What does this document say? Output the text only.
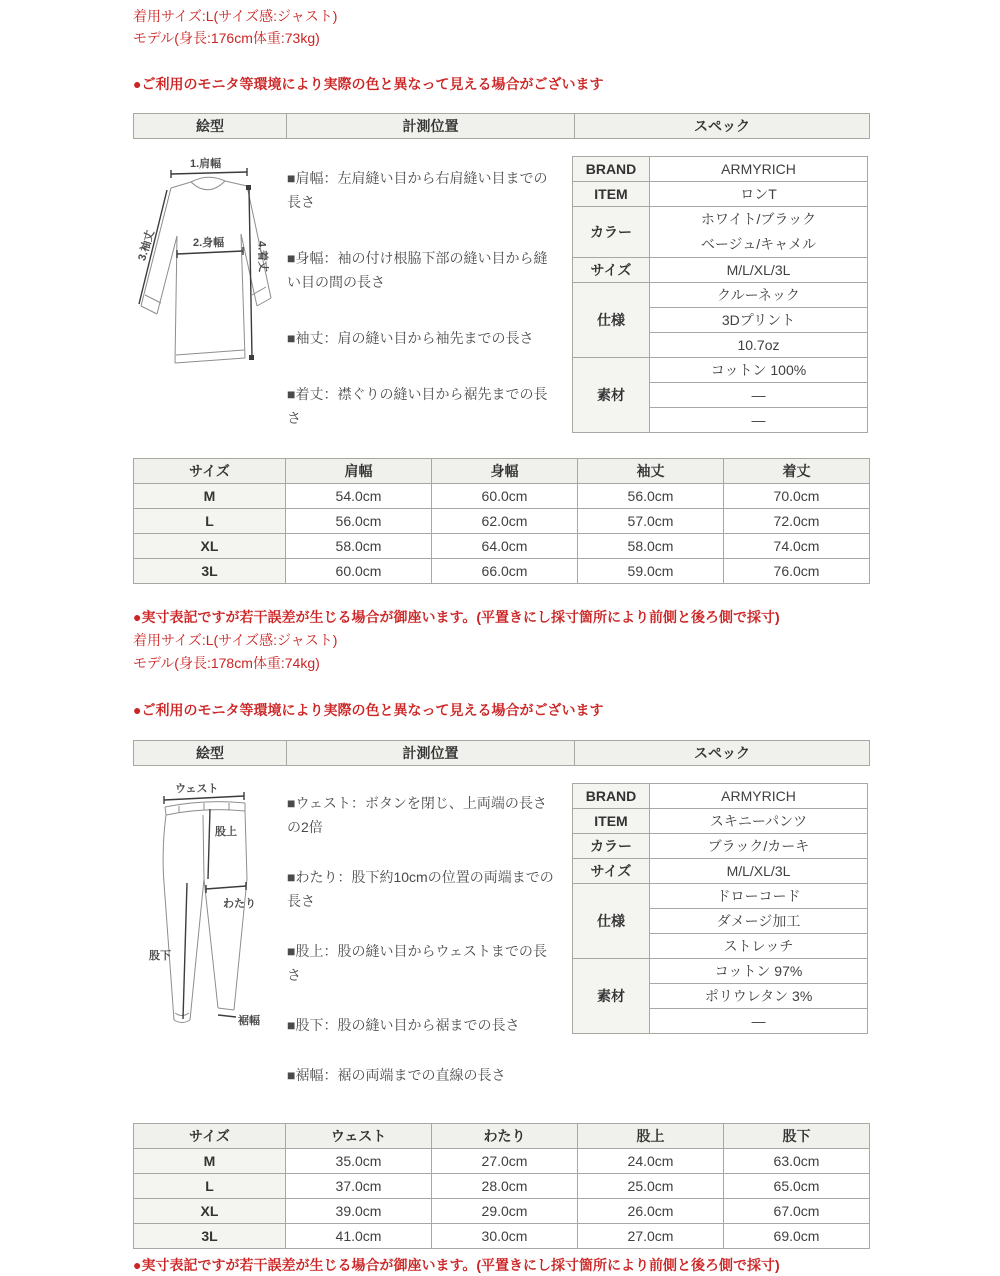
着用サイズ:L(サイズ感:ジャスト)

モデル(身長:176cm体重:73kg)

●ご利用のモニタ等環境により実際の色と異なって見える場合がございます

絵型	計測位置	スペック
1.肩幅
2.身幅
3.袖丈	4.着丈

■肩幅：左肩縫い目から右肩縫い目までの長さ

■身幅：袖の付け根脇下部の縫い目から縫い目の間の長さ

■袖丈：肩の縫い目から袖先までの長さ

■着丈：襟ぐりの縫い目から裾先までの長さ

BRAND	ARMYRICH
ITEM	ロンT
カラー	ホワイト/ブラック
ベージュ/キャメル

サイズ	M/L/XL/3L
仕様	クルーネック
	3Dプリント
	10.7oz
素材	コットン 100%
	—
	—
サイズ	肩幅	身幅	袖丈	着丈
M	54.0cm	60.0cm	56.0cm	70.0cm
L	56.0cm	62.0cm	57.0cm	72.0cm
XL	58.0cm	64.0cm	58.0cm	74.0cm
3L	60.0cm	66.0cm	59.0cm	76.0cm

●実寸表記ですが若干誤差が生じる場合が御座います。(平置きにし採寸箇所により前側と後ろ側で採寸)

着用サイズ:L(サイズ感:ジャスト)

モデル(身長:178cm体重:74kg)

●ご利用のモニタ等環境により実際の色と異なって見える場合がございます

絵型	計測位置	スペック
ウェスト
股上
わたり
股下
裾幅

■ウェスト：ボタンを閉じ、上両端の長さの2倍

■わたり：股下約10cmの位置の両端までの長さ

■股上：股の縫い目からウェストまでの長さ

■股下：股の縫い目から裾までの長さ

■裾幅：裾の両端までの直線の長さ

BRAND	ARMYRICH
ITEM	スキニーパンツ
カラー	ブラック/カーキ
サイズ	M/L/XL/3L
仕様	ドローコード
	ダメージ加工
	ストレッチ
素材	コットン 97%
	ポリウレタン 3%
	—
サイズ	ウェスト	わたり	股上	股下
M	35.0cm	27.0cm	24.0cm	63.0cm
L	37.0cm	28.0cm	25.0cm	65.0cm
XL	39.0cm	29.0cm	26.0cm	67.0cm
3L	41.0cm	30.0cm	27.0cm	69.0cm

●実寸表記ですが若干誤差が生じる場合が御座います。(平置きにし採寸箇所により前側と後ろ側で採寸)
